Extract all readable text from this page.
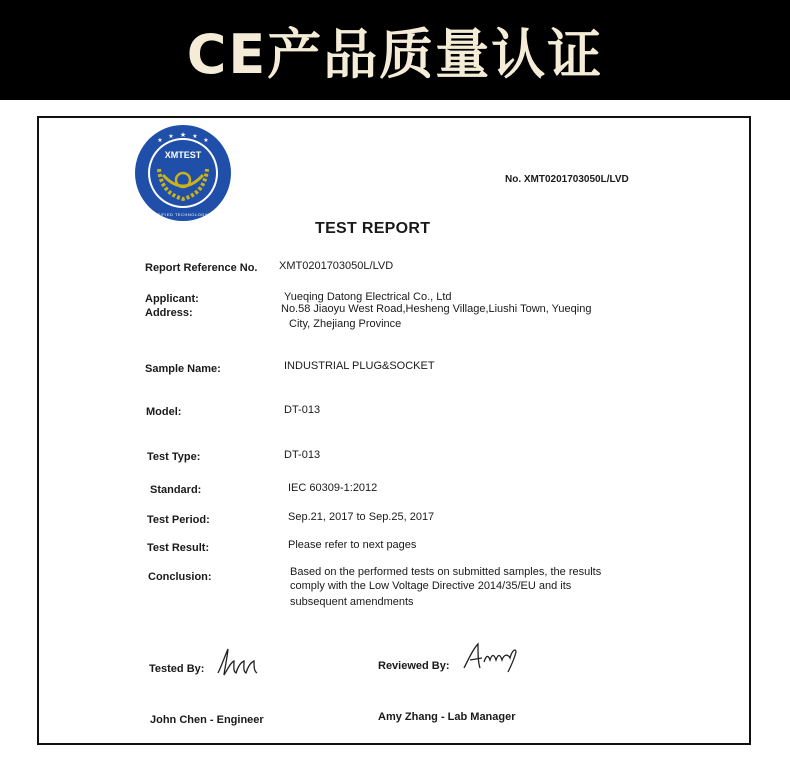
CE产品质量认证
★
★	★
★	★
XMTEST
CERTIFIED TECHNOLOGY CO.
No. XMT0201703050L/LVD
TEST REPORT
Report Reference No. XMT0201703050L/LVD
Applicant:	Yueqing Datong Electrical Co., Ltd
Address:	No.58 Jiaoyu West Road,Hesheng Village,Liushi Town, Yueqing
City, Zhejiang Province
Sample Name:	INDUSTRIAL PLUG&SOCKET
Model:	DT-013
Test Type:	DT-013
Standard:	IEC 60309-1:2012
Test Period:	Sep.21, 2017 to Sep.25, 2017
Test Result:	Please refer to next pages
Conclusion:	Based on the performed tests on submitted samples, the results
comply with the Low Voltage Directive 2014/35/EU and its
subsequent amendments
Tested By:	Reviewed By:
John Chen - Engineer	Amy Zhang - Lab Manager
